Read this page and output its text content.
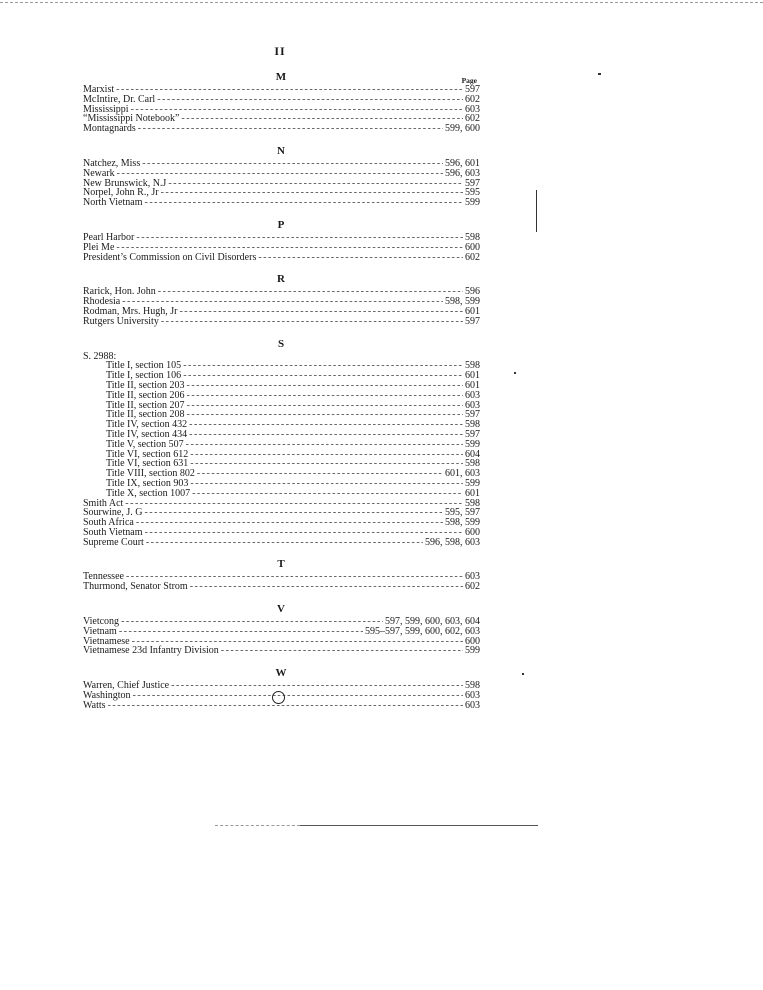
II
M	Page
Marxist - - -	597
McIntire, Dr. Carl - - -	602
Mississippi - - -	603
“Mississippi Notebook” - - -	602
Montagnards - - -	599, 600
N
Natchez, Miss - - -	596, 601
Newark - - -	596, 603
New Brunswick, N.J - - -	597
Norpel, John R., Jr - - -	595
North Vietnam - - -	599
P
Pearl Harbor - - -	598
Plei Me - - -	600
President’s Commission on Civil Disorders - - -	602
R
Rarick, Hon. John - - -	596
Rhodesia - - -	598, 599
Rodman, Mrs. Hugh, Jr - - -	601
Rutgers University - - -	597
S
S. 2988:
Title I, section 105 - - -	598
Title I, section 106 - - -	601
Title II, section 203 - - -	601
Title II, section 206 - - -	603
Title II, section 207 - - -	603
Title II, section 208 - - -	597
Title IV, section 432 - - -	598
Title IV, section 434 - - -	597
Title V, section 507 - - -	599
Title VI, section 612 - - -	604
Title VI, section 631 - - -	598
Title VIII, section 802 - - -	601, 603
Title IX, section 903 - - -	599
Title X, section 1007 - - -	601
Smith Act - - -	598
Sourwine, J. G - - -	595, 597
South Africa - - -	598, 599
South Vietnam - - -	600
Supreme Court - - -	596, 598, 603
T
Tennessee - - -	603
Thurmond, Senator Strom - - -	602
V
Vietcong - - -	597, 599, 600, 603, 604
Vietnam - - -	595–597, 599, 600, 602, 603
Vietnamese - - -	600
Vietnamese 23d Infantry Division - - -	599
W
Warren, Chief Justice - - -	598
Washington - - -	603
Watts - - -	603
